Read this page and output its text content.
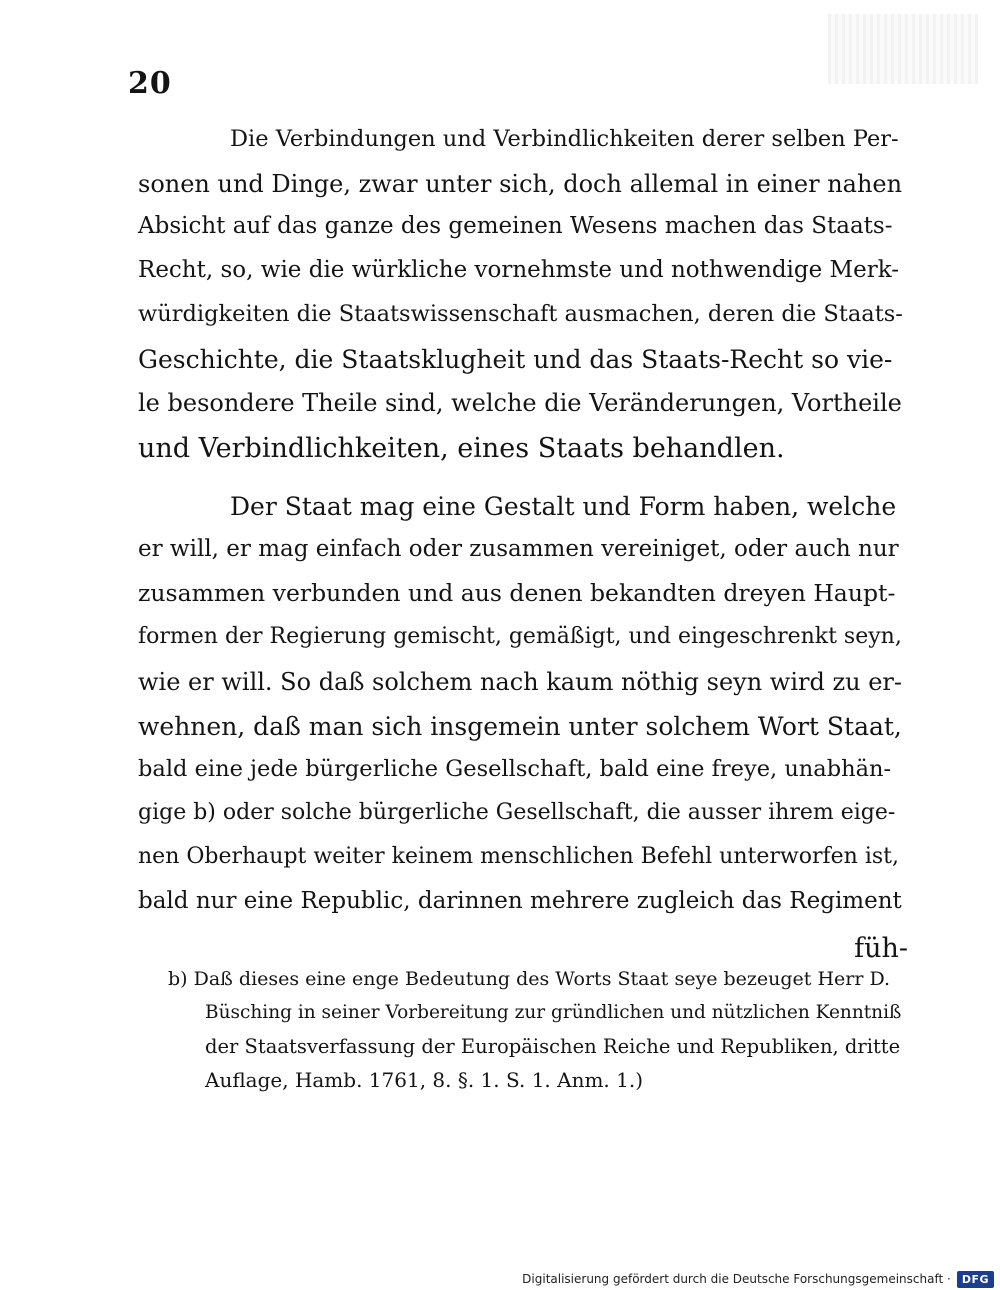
20
Die Verbindungen und Verbindlichkeiten derer selben Per-
sonen und Dinge, zwar unter sich, doch allemal in einer nahen
Absicht auf das ganze des gemeinen Wesens machen das Staats-
Recht, so, wie die würkliche vornehmste und nothwendige Merk-
würdigkeiten die Staatswissenschaft ausmachen, deren die Staats-
Geschichte, die Staatsklugheit und das Staats-Recht so vie-
le besondere Theile sind, welche die Veränderungen, Vortheile
und Verbindlichkeiten, eines Staats behandlen.
Der Staat mag eine Gestalt und Form haben, welche
er will, er mag einfach oder zusammen vereiniget, oder auch nur
zusammen verbunden und aus denen bekandten dreyen Haupt-
formen der Regierung gemischt, gemäßigt, und eingeschrenkt seyn,
wie er will. So daß solchem nach kaum nöthig seyn wird zu er-
wehnen, daß man sich insgemein unter solchem Wort Staat,
bald eine jede bürgerliche Gesellschaft, bald eine freye, unabhän-
gige b) oder solche bürgerliche Gesellschaft, die ausser ihrem eige-
nen Oberhaupt weiter keinem menschlichen Befehl unterworfen ist,
bald nur eine Republic, darinnen mehrere zugleich das Regiment
füh-
b) Daß dieses eine enge Bedeutung des Worts Staat seye bezeuget Herr D.
Büsching in seiner Vorbereitung zur gründlichen und nützlichen Kenntniß
der Staatsverfassung der Europäischen Reiche und Republiken, dritte
Auflage, Hamb. 1761, 8. §. 1. S. 1. Anm. 1.)
Digitalisierung gefördert durch die Deutsche Forschungsgemeinschaft ·	DFG
